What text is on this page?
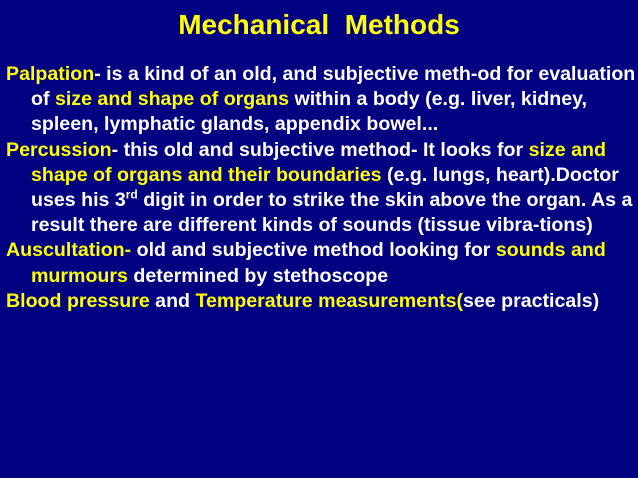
Mechanical  Methods

Palpation- is a kind of an old, and subjective meth-od for evaluation of size and shape of organs within a body (e.g. liver, kidney, spleen, lymphatic glands, appendix bowel...

Percussion- this old and subjective method- It looks for size and shape of organs and their boundaries (e.g. lungs, heart).Doctor uses his 3rd digit in order to strike the skin above the organ. As a result there are different kinds of sounds (tissue vibra-tions)

Auscultation- old and subjective method looking for sounds and murmours determined by stethoscope

Blood pressure and Temperature measurements(see practicals)
